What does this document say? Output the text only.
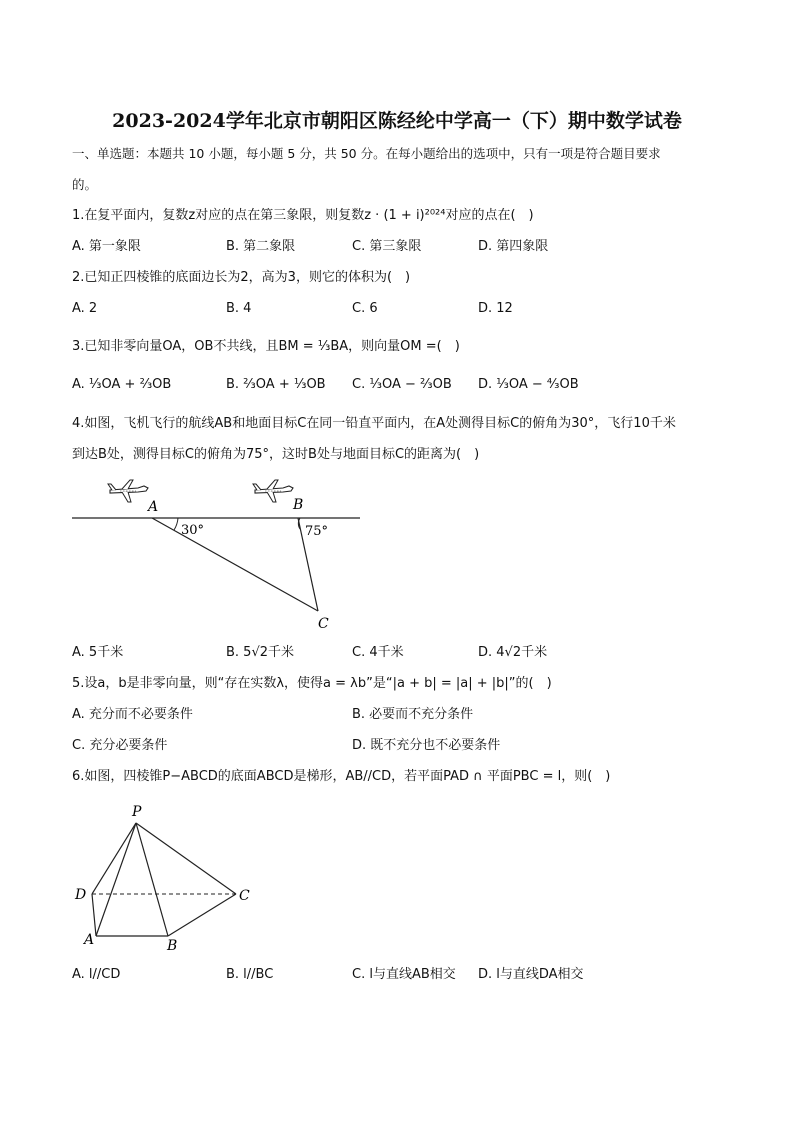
2023-2024学年北京市朝阳区陈经纶中学高一（下）期中数学试卷
一、单选题：本题共 10 小题，每小题 5 分，共 50 分。在每小题给出的选项中，只有一项是符合题目要求
的。
1.在复平面内，复数z对应的点在第三象限，则复数z · (1 + i)²⁰²⁴对应的点在(　)
A. 第一象限	B. 第二象限	C. 第三象限	D. 第四象限
2.已知正四棱锥的底面边长为2，高为3，则它的体积为(　)
A. 2	B. 4	C. 6	D. 12
3.已知非零向量OA，OB不共线，且BM = ⅓BA，则向量OM =(　)
A. ⅓OA + ⅔OB	B. ⅔OA + ⅓OB C. ⅓OA − ⅔OB D. ⅓OA − ⁴⁄₃OB
4.如图，飞机飞行的航线AB和地面目标C在同一铅直平面内，在A处测得目标C的俯角为30°，飞行10千米
到达B处，测得目标C的俯角为75°，这时B处与地面目标C的距离为(　)
A	B
C
30°	75°
A. 5千米	B. 5√2千米	C. 4千米	D. 4√2千米
5.设a，b是非零向量，则“存在实数λ，使得a = λb”是“|a + b| = |a| + |b|”的(　)
A. 充分而不必要条件	B. 必要而不充分条件
C. 充分必要条件	D. 既不充分也不必要条件
6.如图，四棱锥P−ABCD的底面ABCD是梯形，AB//CD，若平面PAD ∩ 平面PBC = l，则(　)
P
D
A	B
C
A. l//CD	B. l//BC	C. l与直线AB相交 D. l与直线DA相交
